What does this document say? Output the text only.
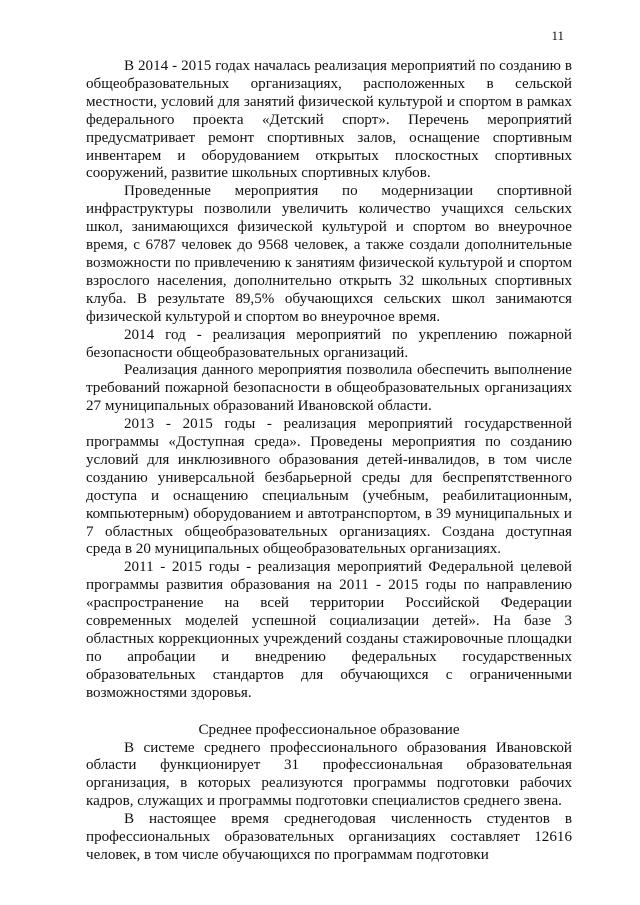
11

В 2014 - 2015 годах началась реализация мероприятий по созданию в общеобразовательных организациях, расположенных в сельской местности, условий для занятий физической культурой и спортом в рамках федерального проекта «Детский спорт». Перечень мероприятий предусматривает ремонт спортивных залов, оснащение спортивным инвентарем и оборудованием открытых плоскостных спортивных сооружений, развитие школьных спортивных клубов.

Проведенные мероприятия по модернизации спортивной инфраструктуры позволили увеличить количество учащихся сельских школ, занимающихся физической культурой и спортом во внеурочное время, с 6787 человек до 9568 человек, а также создали дополнительные возможности по привлечению к занятиям физической культурой и спортом взрослого населения, дополнительно открыть 32 школьных спортивных клуба. В результате 89,5% обучающихся сельских школ занимаются физической культурой и спортом во внеурочное время.

2014 год - реализация мероприятий по укреплению пожарной безопасности общеобразовательных организаций.

Реализация данного мероприятия позволила обеспечить выполнение требований пожарной безопасности в общеобразовательных организациях 27 муниципальных образований Ивановской области.

2013 - 2015 годы - реализация мероприятий государственной программы «Доступная среда». Проведены мероприятия по созданию условий для инклюзивного образования детей-инвалидов, в том числе созданию универсальной безбарьерной среды для беспрепятственного доступа и оснащению специальным (учебным, реабилитационным, компьютерным) оборудованием и автотранспортом, в 39 муниципальных и 7 областных общеобразовательных организациях. Создана доступная среда в 20 муниципальных общеобразовательных организациях.

2011 - 2015 годы - реализация мероприятий Федеральной целевой программы развития образования на 2011 - 2015 годы по направлению «распространение на всей территории Российской Федерации современных моделей успешной социализации детей». На базе 3 областных коррекционных учреждений созданы стажировочные площадки по апробации и внедрению федеральных государственных образовательных стандартов для обучающихся с ограниченными возможностями здоровья.

Среднее профессиональное образование

В системе среднего профессионального образования Ивановской области функционирует 31 профессиональная образовательная организация, в которых реализуются программы подготовки рабочих кадров, служащих и программы подготовки специалистов среднего звена.

В настоящее время среднегодовая численность студентов в профессиональных образовательных организациях составляет 12616 человек, в том числе обучающихся по программам подготовки
